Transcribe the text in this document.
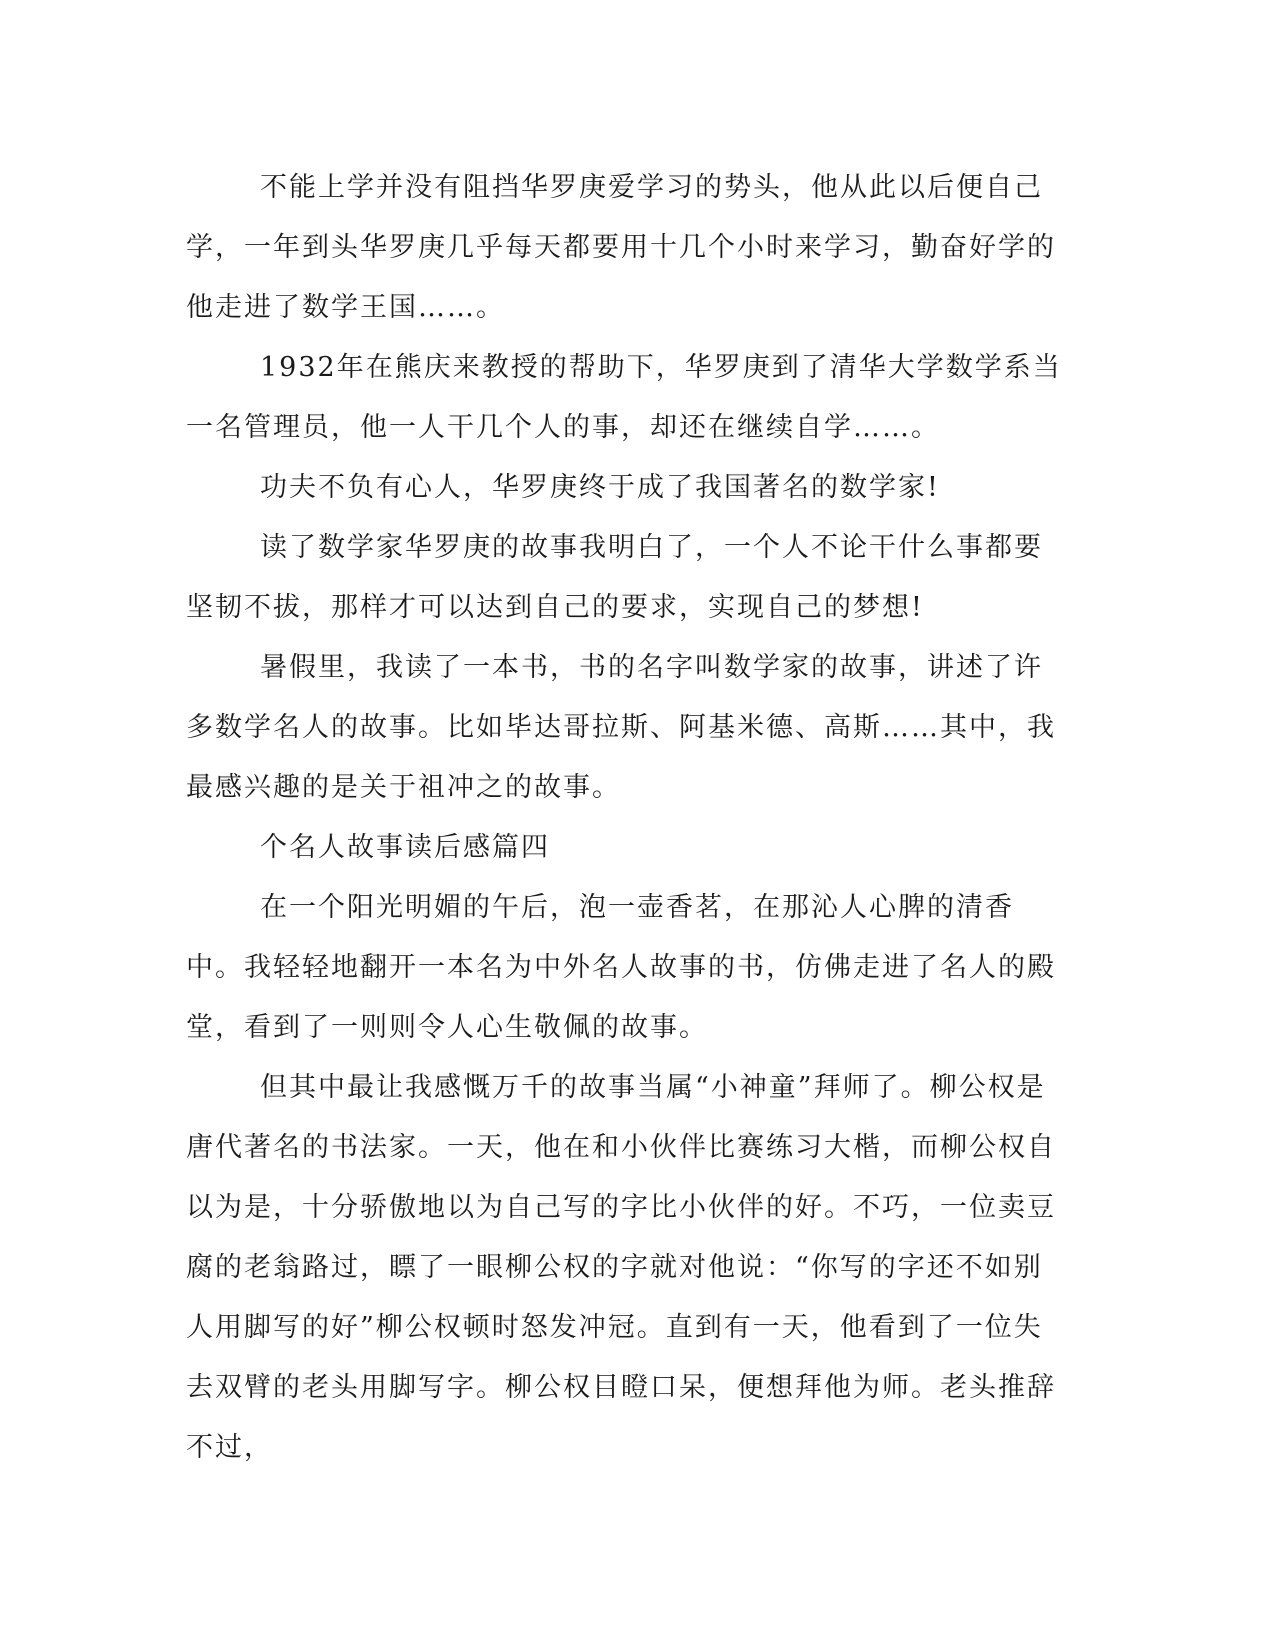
不能上学并没有阻挡华罗庚爱学习的势头，他从此以后便自己学，一年到头华罗庚几乎每天都要用十几个小时来学习，勤奋好学的他走进了数学王国……。

1932年在熊庆来教授的帮助下，华罗庚到了清华大学数学系当一名管理员，他一人干几个人的事，却还在继续自学……。

功夫不负有心人，华罗庚终于成了我国著名的数学家!

读了数学家华罗庚的故事我明白了，一个人不论干什么事都要坚韧不拔，那样才可以达到自己的要求，实现自己的梦想!

暑假里，我读了一本书，书的名字叫数学家的故事，讲述了许多数学名人的故事。比如毕达哥拉斯、阿基米德、高斯……其中，我最感兴趣的是关于祖冲之的故事。

个名人故事读后感篇四

在一个阳光明媚的午后，泡一壶香茗，在那沁人心脾的清香中。我轻轻地翻开一本名为中外名人故事的书，仿佛走进了名人的殿堂，看到了一则则令人心生敬佩的故事。

但其中最让我感慨万千的故事当属“小神童”拜师了。柳公权是唐代著名的书法家。一天，他在和小伙伴比赛练习大楷，而柳公权自以为是，十分骄傲地以为自己写的字比小伙伴的好。不巧，一位卖豆腐的老翁路过，瞟了一眼柳公权的字就对他说：“你写的字还不如别人用脚写的好”柳公权顿时怒发冲冠。直到有一天，他看到了一位失去双臂的老头用脚写字。柳公权目瞪口呆，便想拜他为师。老头推辞不过，
